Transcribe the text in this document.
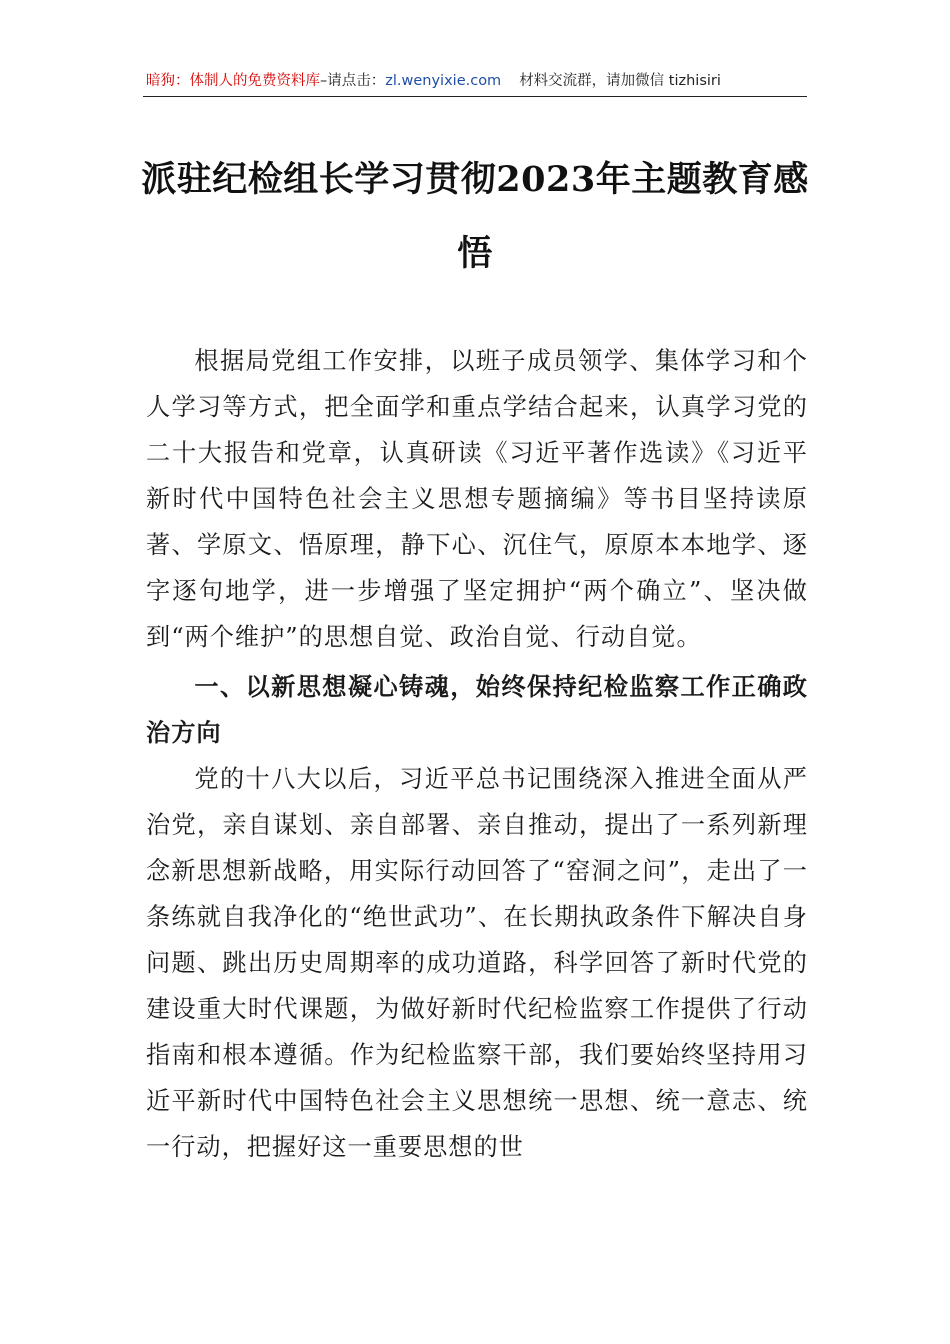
暗狗：体制人的免费资料库–请点击：zl.wenyixie.com 材料交流群，请加微信 tizhisiri
派驻纪检组长学习贯彻2023年主题教育感悟

根据局党组工作安排，以班子成员领学、集体学习和个人学习等方式，把全面学和重点学结合起来，认真学习党的二十大报告和党章，认真研读《习近平著作选读》《习近平新时代中国特色社会主义思想专题摘编》等书目坚持读原著、学原文、悟原理，静下心、沉住气，原原本本地学、逐字逐句地学，进一步增强了坚定拥护“两个确立”、坚决做到“两个维护”的思想自觉、政治自觉、行动自觉。

一、以新思想凝心铸魂，始终保持纪检监察工作正确政治方向

党的十八大以后，习近平总书记围绕深入推进全面从严治党，亲自谋划、亲自部署、亲自推动，提出了一系列新理念新思想新战略，用实际行动回答了“窑洞之问”，走出了一条练就自我净化的“绝世武功”、在长期执政条件下解决自身问题、跳出历史周期率的成功道路，科学回答了新时代党的建设重大时代课题，为做好新时代纪检监察工作提供了行动指南和根本遵循。作为纪检监察干部，我们要始终坚持用习近平新时代中国特色社会主义思想统一思想、统一意志、统一行动，把握好这一重要思想的世
